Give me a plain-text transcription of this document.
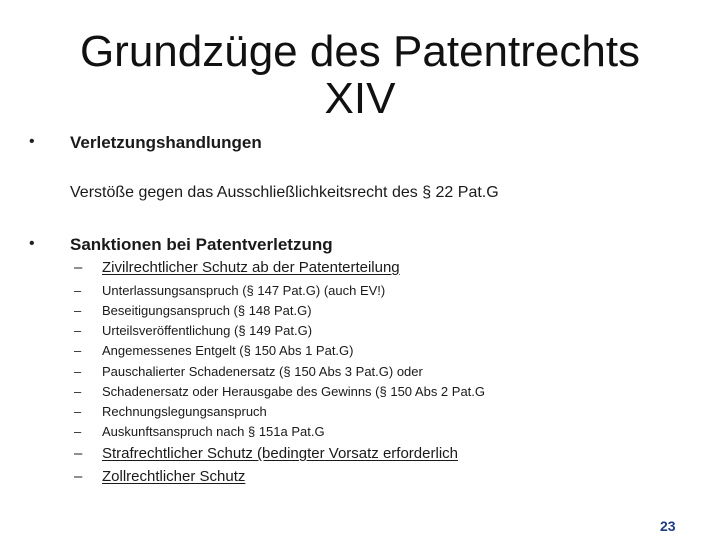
Grundzüge des Patentrechts
XIV
• Verletzungshandlungen
Verstöße gegen das Ausschließlichkeitsrecht des § 22 Pat.G
• Sanktionen bei Patentverletzung
– Zivilrechtlicher Schutz ab der Patenterteilung
– Unterlassungsanspruch (§ 147 Pat.G) (auch EV!)
– Beseitigungsanspruch (§ 148 Pat.G)
– Urteilsveröffentlichung (§ 149 Pat.G)
– Angemessenes Entgelt (§ 150 Abs 1 Pat.G)
– Pauschalierter Schadenersatz (§ 150 Abs 3 Pat.G) oder
– Schadenersatz oder Herausgabe des Gewinns (§ 150 Abs 2 Pat.G
– Rechnungslegungsanspruch
– Auskunftsanspruch nach § 151a Pat.G
– Strafrechtlicher Schutz (bedingter Vorsatz erforderlich
– Zollrechtlicher Schutz
23
